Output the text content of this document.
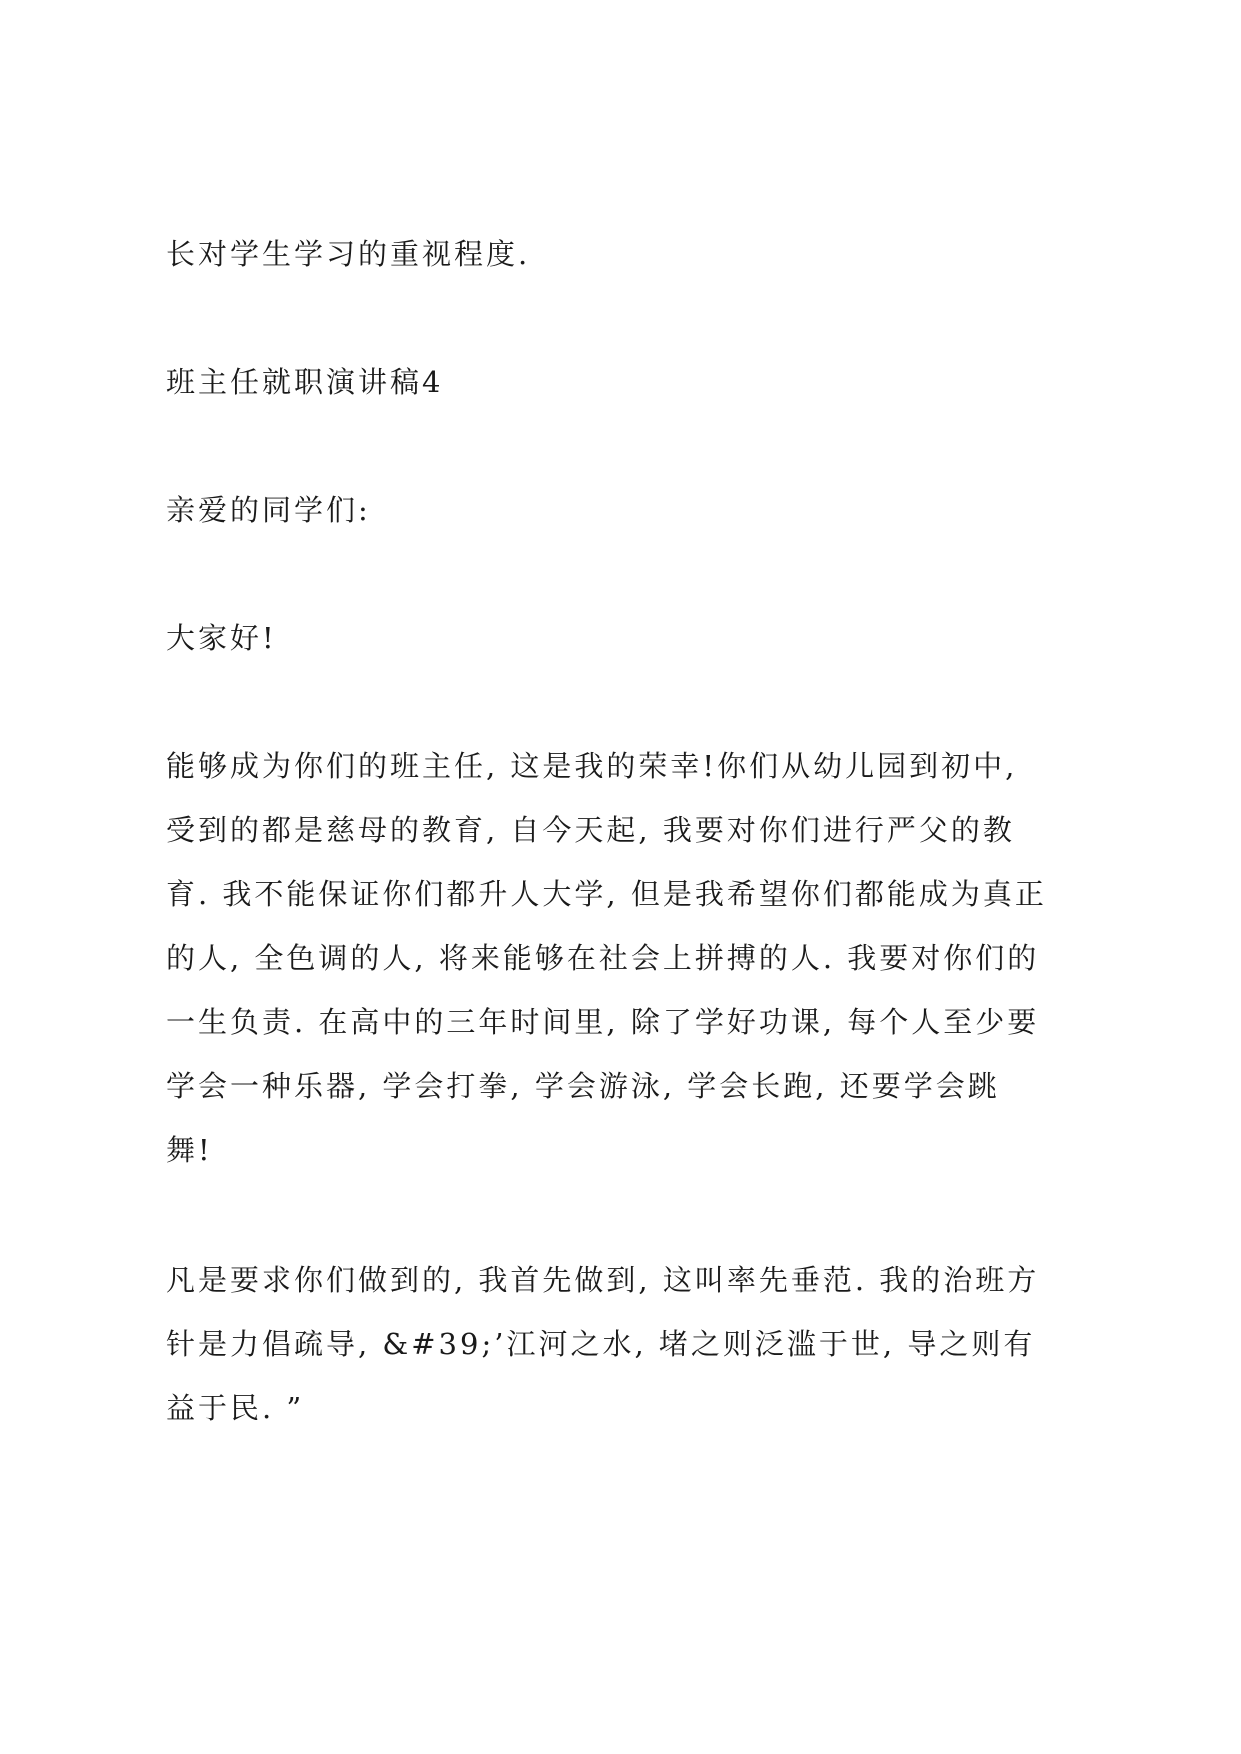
长对学生学习的重视程度.
班主任就职演讲稿4
亲爱的同学们:
大家好!
能够成为你们的班主任, 这是我的荣幸!你们从幼儿园到初中,
受到的都是慈母的教育, 自今天起, 我要对你们进行严父的教
育. 我不能保证你们都升人大学, 但是我希望你们都能成为真正
的人, 全色调的人, 将来能够在社会上拼搏的人. 我要对你们的
一生负责. 在高中的三年时间里, 除了学好功课, 每个人至少要
学会一种乐器, 学会打拳, 学会游泳, 学会长跑, 还要学会跳
舞!
凡是要求你们做到的, 我首先做到, 这叫率先垂范. 我的治班方
针是力倡疏导, &#39;’江河之水, 堵之则泛滥于世, 导之则有
益于民. ”
